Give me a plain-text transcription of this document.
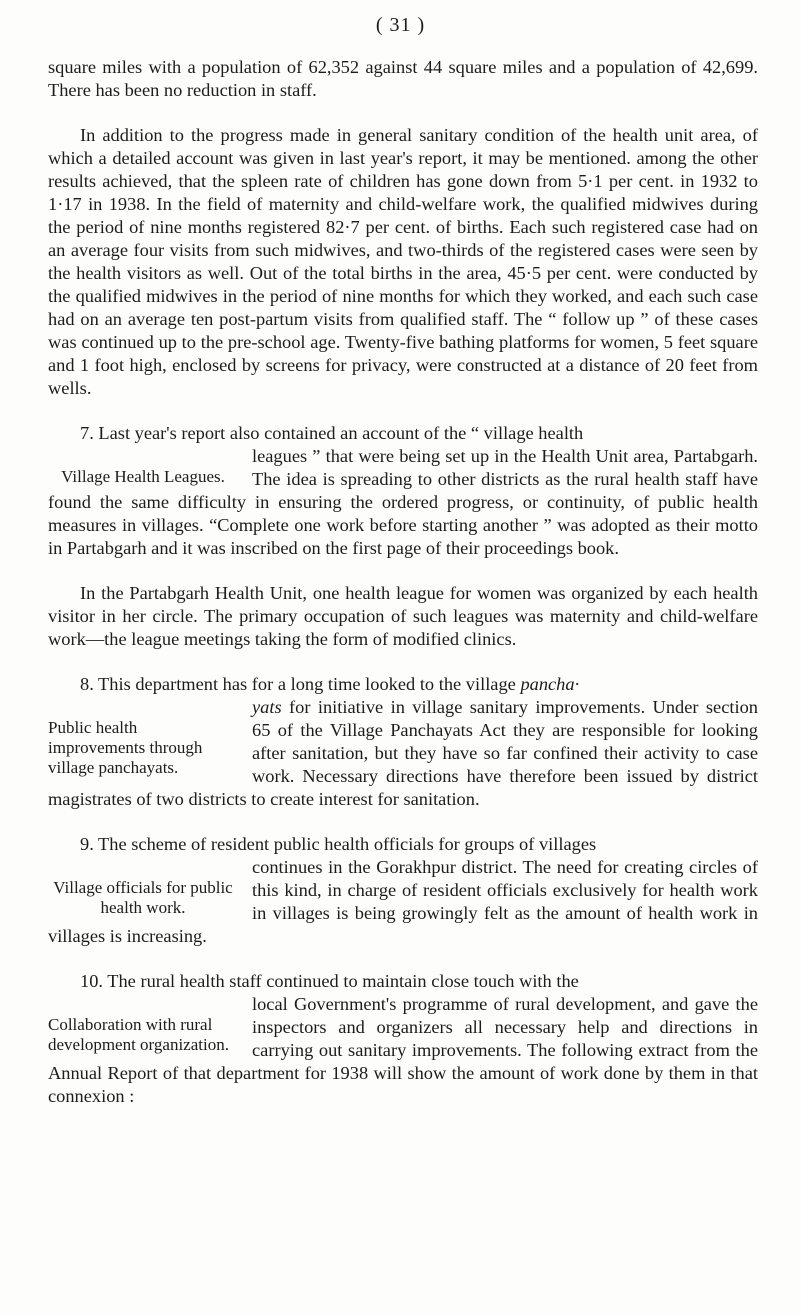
( 31 )

square miles with a population of 62,352 against 44 square miles and a population of 42,699. There has been no reduction in staff.

In addition to the progress made in general sanitary condition of the health unit area, of which a detailed account was given in last year's report, it may be mentioned. among the other results achieved, that the spleen rate of children has gone down from 5·1 per cent. in 1932 to 1·17 in 1938. In the field of maternity and child-welfare work, the qualified midwives during the period of nine months registered 82·7 per cent. of births. Each such registered case had on an average four visits from such midwives, and two-thirds of the registered cases were seen by the health visitors as well. Out of the total births in the area, 45·5 per cent. were conducted by the qualified midwives in the period of nine months for which they worked, and each such case had on an average ten post-partum visits from qualified staff. The “ follow up ” of these cases was continued up to the pre-school age. Twenty-five bathing platforms for women, 5 feet square and 1 foot high, enclosed by screens for privacy, were constructed at a distance of 20 feet from wells.

7. Last year's report also contained an account of the “ village health

Village Health Leagues.

leagues ” that were being set up in the Health Unit area, Partabgarh. The idea is spreading to other districts as the rural health staff have found the same difficulty in ensuring the ordered progress, or continuity, of public health measures in villages. “Complete one work before starting another ” was adopted as their motto in Partabgarh and it was inscribed on the first page of their proceedings book.

In the Partabgarh Health Unit, one health league for women was organized by each health visitor in her circle. The primary occupation of such leagues was maternity and child-welfare work—the league meetings taking the form of modified clinics.

8. This department has for a long time looked to the village pancha·

Public health improvements through village panchayats.

yats for initiative in village sanitary improvements. Under section 65 of the Village Panchayats Act they are responsible for looking after sanitation, but they have so far confined their activity to case work. Necessary directions have therefore been issued by district magistrates of two districts to create interest for sanitation.

9. The scheme of resident public health officials for groups of villages

Village officials for public health work.

continues in the Gorakhpur district. The need for creating circles of this kind, in charge of resident officials exclusively for health work in villages is being growingly felt as the amount of health work in villages is increasing.

10. The rural health staff continued to maintain close touch with the

Collaboration with rural development organization.

local Government's programme of rural development, and gave the inspectors and organizers all necessary help and directions in carrying out sanitary improvements. The following extract from the Annual Report of that department for 1938 will show the amount of work done by them in that connexion :
